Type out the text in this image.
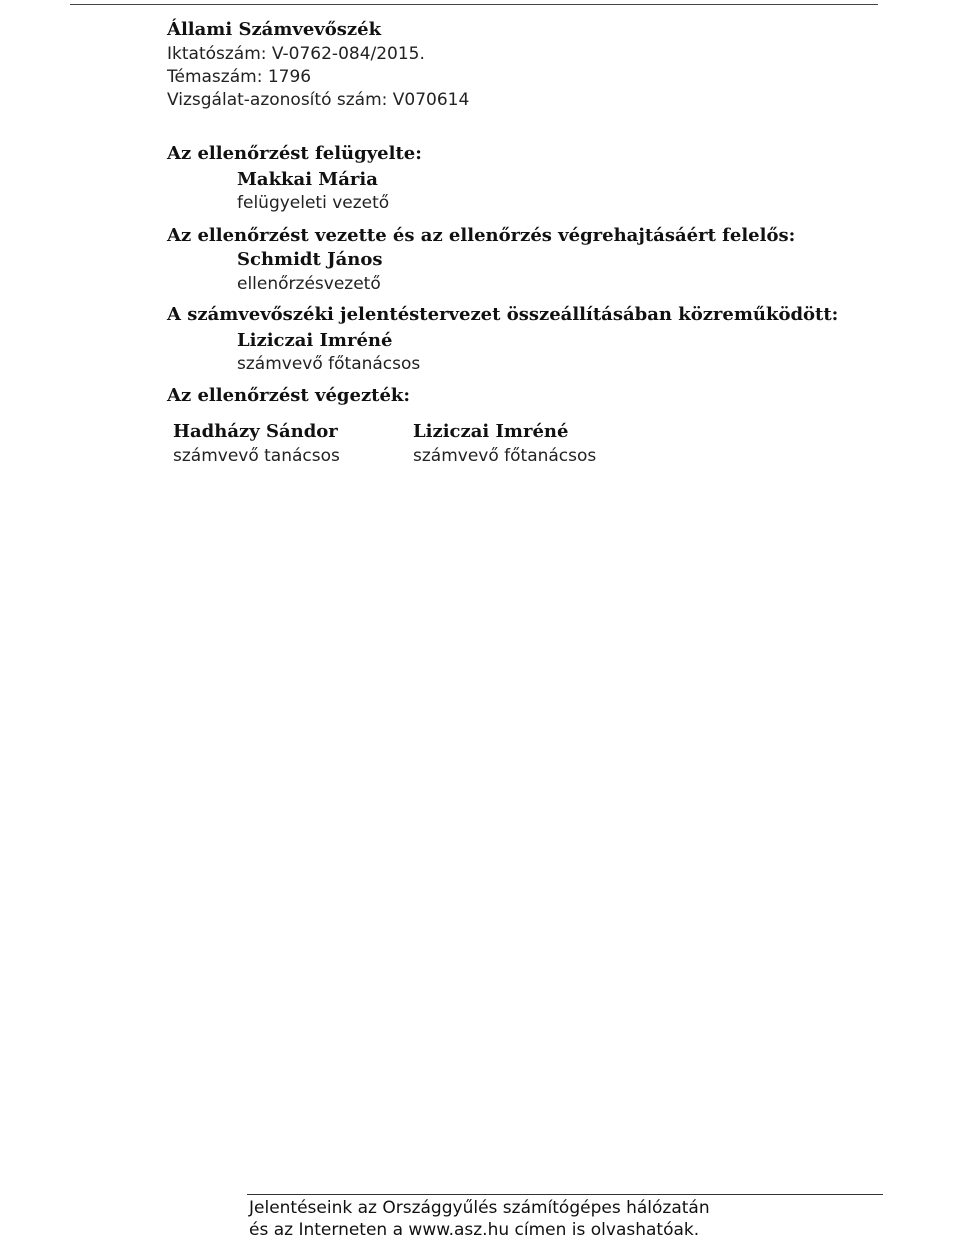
Állami Számvevőszék
Iktatószám: V-0762-084/2015.
Témaszám: 1796
Vizsgálat-azonosító szám: V070614
Az ellenőrzést felügyelte:
Makkai Mária
felügyeleti vezető
Az ellenőrzést vezette és az ellenőrzés végrehajtásáért felelős:
Schmidt János
ellenőrzésvezető
A számvevőszéki jelentéstervezet összeállításában közreműködött:
Liziczai Imréné
számvevő főtanácsos
Az ellenőrzést végezték:
Hadházy Sándor
számvevő tanácsos
Liziczai Imréné
számvevő főtanácsos
Jelentéseink az Országgyűlés számítógépes hálózatán
és az Interneten a www.asz.hu címen is olvashatóak.
